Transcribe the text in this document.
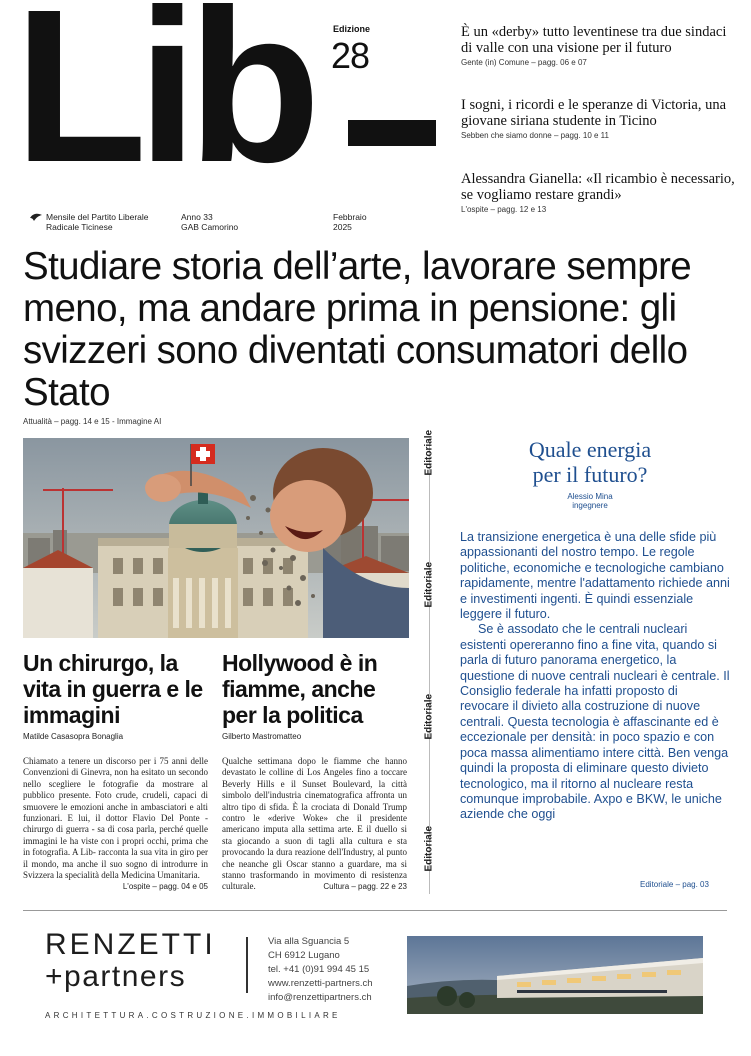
Lib Edizione
28
Mensile del Partito Liberale
Radicale Ticinese
Anno 33
GAB Camorino
Febbraio
2025
È un «derby» tutto leventinese tra due sindaci di valle con una visione per il futuro
Gente (in) Comune – pagg. 06 e 07
I sogni, i ricordi e le speranze di Victoria, una giovane siriana studente in Ticino
Sebben che siamo donne – pagg. 10 e 11
Alessandra Gianella: «Il ricambio è necessario, se vogliamo restare grandi»
L'ospite – pagg. 12 e 13
Studiare storia dell’arte, lavorare sempre meno, ma andare prima in pensione: gli svizzeri sono diventati consumatori dello Stato
Attualità – pagg. 14 e 15 - Immagine AI
Un chirurgo, la vita in guerra e le immagini
Matilde Casasopra Bonaglia
Chiamato a tenere un discorso per i 75 anni delle Convenzioni di Ginevra, non ha esitato un secondo nello scegliere le fotografie da mostrare al pubblico presente. Foto crude, crudeli, capaci di smuovere le emozioni anche in ambasciatori e alti funzionari. E lui, il dottor Flavio Del Ponte - chirurgo di guerra - sa di cosa parla, perché quelle immagini le ha viste con i propri occhi, prima che in fotografia. A Lib- racconta la sua vita in giro per il mondo, ma anche il suo sogno di introdurre in Svizzera la specialità della Medicina Umanitaria.
L'ospite – pagg. 04 e 05
Hollywood è in fiamme, anche per la politica
Gilberto Mastromatteo
Qualche settimana dopo le fiamme che hanno devastato le colline di Los Angeles fino a toccare Beverly Hills e il Sunset Boulevard, la città simbolo dell'industria cinematografica affronta un altro tipo di sfida. È la crociata di Donald Trump contro le «derive Woke» che il presidente americano imputa alla settima arte. E il duello si sta giocando a suon di tagli alla cultura e sta provocando la dura reazione dell'Industry, al punto che neanche gli Oscar stanno a guardare, ma si stanno trasformando in movimento di resistenza culturale.	Cultura – pagg. 22 e 23
Editoriale
Editoriale
Editoriale
Editoriale
Quale energia
per il futuro?
Alessio Mina
ingegnere

La transizione energetica è una delle sfide più appassionanti del nostro tempo. Le regole politiche, economiche e tecnologiche cambiano rapidamente, mentre l'adattamento richiede anni e investimenti ingenti. È quindi essenziale leggere il futuro.

Se è assodato che le centrali nucleari esistenti opereranno fino a fine vita, quando si parla di futuro panorama energetico, la questione di nuove centrali nucleari è centrale. Il Consiglio federale ha infatti proposto di revocare il divieto alla costruzione di nuove centrali. Questa tecnologia è affascinante ed è eccezionale per densità: in poco spazio e con poca massa alimentiamo intere città. Ben venga quindi la proposta di eliminare questo divieto tecnologico, ma il ritorno al nucleare resta comunque improbabile. Axpo e BKW, le uniche aziende che oggi

Editoriale – pag. 03
RENZETTI
+partners
Via alla Sguancia 5
CH 6912 Lugano
tel. +41 (0)91 994 45 15
www.renzetti-partners.ch
info@renzettipartners.ch
ARCHITETTURA.COSTRUZIONE.IMMOBILIARE
